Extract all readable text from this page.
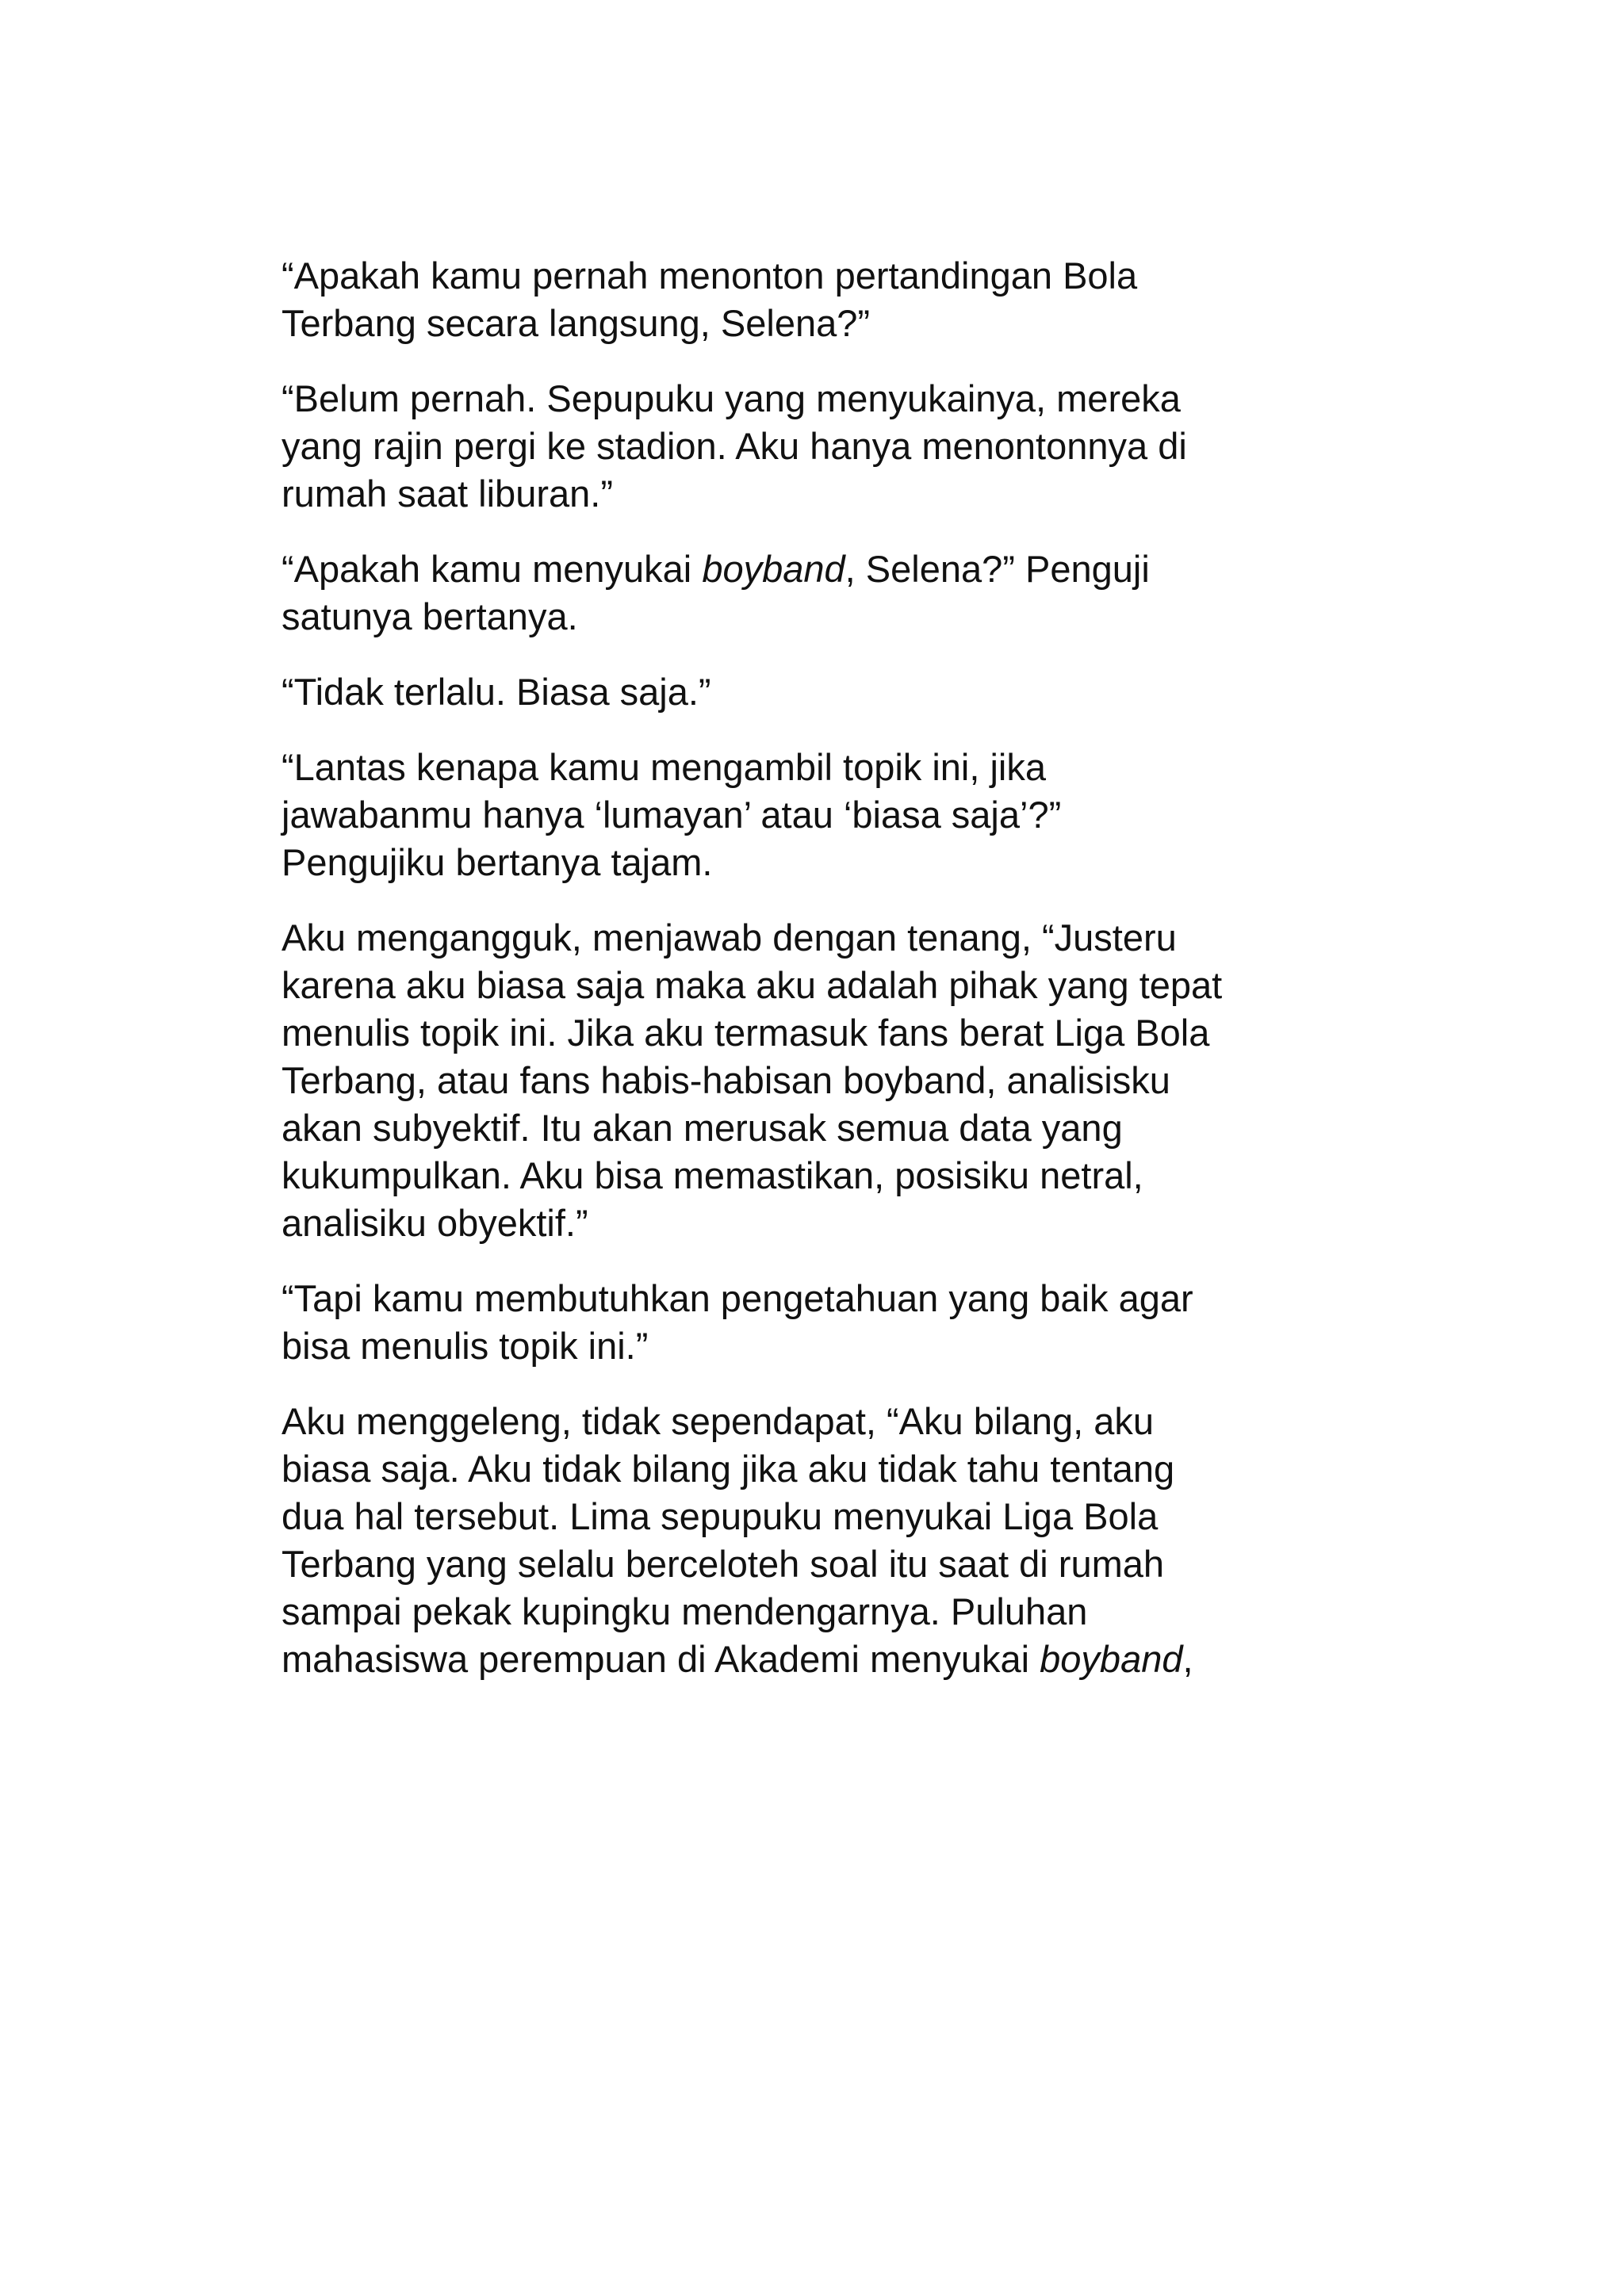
“Apakah kamu pernah menonton pertandingan Bola
Terbang secara langsung, Selena?”

“Belum pernah. Sepupuku yang menyukainya, mereka
yang rajin pergi ke stadion. Aku hanya menontonnya di
rumah saat liburan.”

“Apakah kamu menyukai boyband, Selena?” Penguji
satunya bertanya.

“Tidak terlalu. Biasa saja.”

“Lantas kenapa kamu mengambil topik ini, jika
jawabanmu hanya ‘lumayan’ atau ‘biasa saja’?”
Pengujiku bertanya tajam.

Aku mengangguk, menjawab dengan tenang, “Justeru
karena aku biasa saja maka aku adalah pihak yang tepat
menulis topik ini. Jika aku termasuk fans berat Liga Bola
Terbang, atau fans habis-habisan boyband, analisisku
akan subyektif. Itu akan merusak semua data yang
kukumpulkan. Aku bisa memastikan, posisiku netral,
analisiku obyektif.”

“Tapi kamu membutuhkan pengetahuan yang baik agar
bisa menulis topik ini.”

Aku menggeleng, tidak sependapat, “Aku bilang, aku
biasa saja. Aku tidak bilang jika aku tidak tahu tentang
dua hal tersebut. Lima sepupuku menyukai Liga Bola
Terbang yang selalu berceloteh soal itu saat di rumah
sampai pekak kupingku mendengarnya. Puluhan
mahasiswa perempuan di Akademi menyukai boyband,
